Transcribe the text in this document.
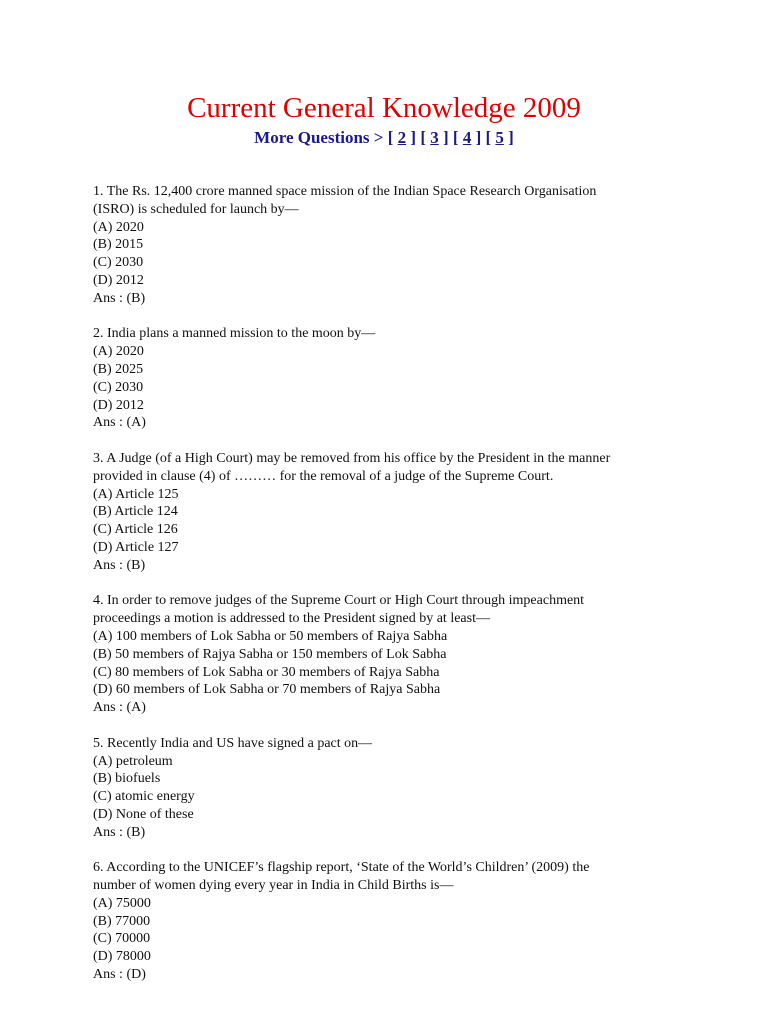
Current General Knowledge 2009
More Questions > [ 2 ] [ 3 ] [ 4 ] [ 5 ]
1. The Rs. 12,400 crore manned space mission of the Indian Space Research Organisation
(ISRO) is scheduled for launch by—
(A) 2020
(B) 2015
(C) 2030
(D) 2012
Ans : (B)
2. India plans a manned mission to the moon by—
(A) 2020
(B) 2025
(C) 2030
(D) 2012
Ans : (A)
3. A Judge (of a High Court) may be removed from his office by the President in the manner
provided in clause (4) of ……… for the removal of a judge of the Supreme Court.
(A) Article 125
(B) Article 124
(C) Article 126
(D) Article 127
Ans : (B)
4. In order to remove judges of the Supreme Court or High Court through impeachment
proceedings a motion is addressed to the President signed by at least—
(A) 100 members of Lok Sabha or 50 members of Rajya Sabha
(B) 50 members of Rajya Sabha or 150 members of Lok Sabha
(C) 80 members of Lok Sabha or 30 members of Rajya Sabha
(D) 60 members of Lok Sabha or 70 members of Rajya Sabha
Ans : (A)
5. Recently India and US have signed a pact on—
(A) petroleum
(B) biofuels
(C) atomic energy
(D) None of these
Ans : (B)
6. According to the UNICEF’s flagship report, ‘State of the World’s Children’ (2009) the
number of women dying every year in India in Child Births is—
(A) 75000
(B) 77000
(C) 70000
(D) 78000
Ans : (D)
